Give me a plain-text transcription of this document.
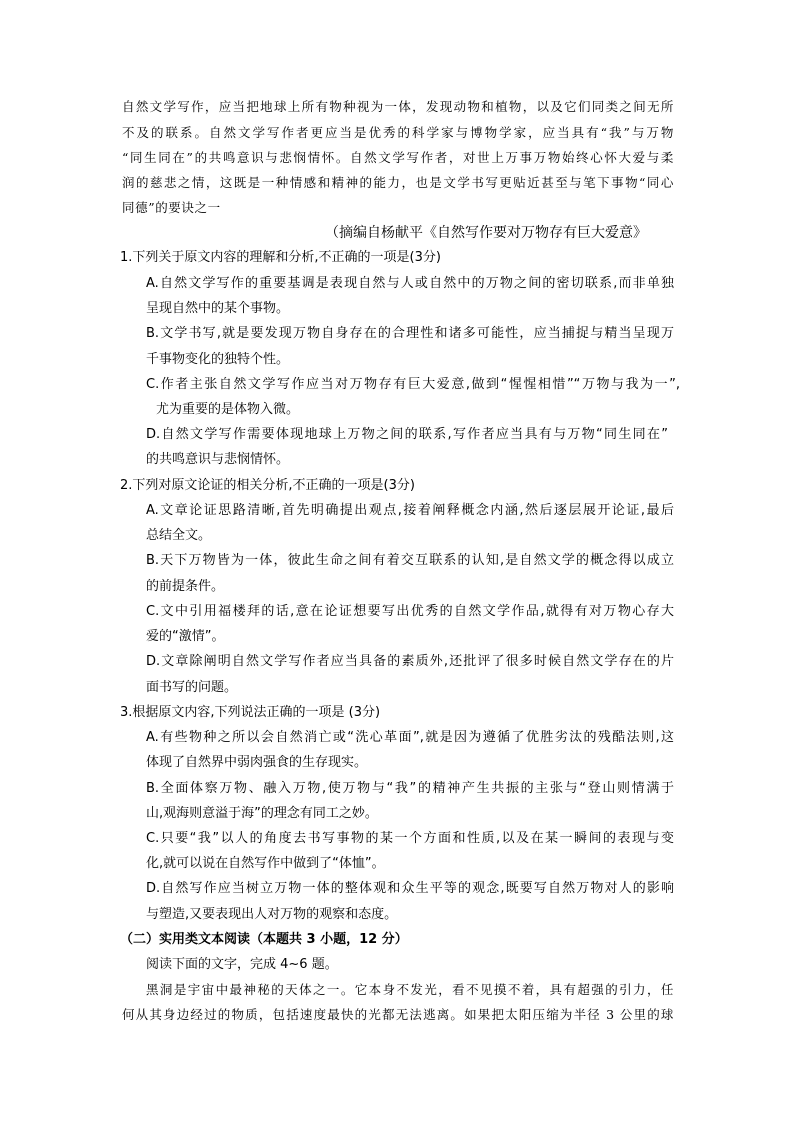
自然文学写作，应当把地球上所有物种视为一体，发现动物和植物，以及它们同类之间无所
不及的联系。自然文学写作者更应当是优秀的科学家与博物学家，应当具有“我”与万物
“同生同在”的共鸣意识与悲悯情怀。自然文学写作者，对世上万事万物始终心怀大爱与柔
润的慈悲之情，这既是一种情感和精神的能力，也是文学书写更贴近甚至与笔下事物“同心
同德”的要诀之一
（摘编自杨献平《自然写作要对万物存有巨大爱意》
1.下列关于原文内容的理解和分析,不正确的一项是(3分)
A.自然文学写作的重要基调是表现自然与人或自然中的万物之间的密切联系,而非单独
呈现自然中的某个事物。
B.文学书写,就是要发现万物自身存在的合理性和诸多可能性，应当捕捉与精当呈现万
千事物变化的独特个性。
C.作者主张自然文学写作应当对万物存有巨大爱意,做到“惺惺相惜”“万物与我为一”,
尤为重要的是体物入微。
D.自然文学写作需要体现地球上万物之间的联系,写作者应当具有与万物“同生同在”
的共鸣意识与悲悯情怀。
2.下列对原文论证的相关分析,不正确的一项是(3分)
A.文章论证思路清晰,首先明确提出观点,接着阐释概念内涵,然后逐层展开论证,最后
总结全文。
B.天下万物皆为一体，彼此生命之间有着交互联系的认知,是自然文学的概念得以成立
的前提条件。
C.文中引用福楼拜的话,意在论证想要写出优秀的自然文学作品,就得有对万物心存大
爱的“激情”。
D.文章除阐明自然文学写作者应当具备的素质外,还批评了很多时候自然文学存在的片
面书写的问题。
3.根据原文内容,下列说法正确的一项是 (3分)
A.有些物种之所以会自然消亡或“洗心革面”,就是因为遵循了优胜劣汰的残酷法则,这
体现了自然界中弱肉强食的生存现实。
B.全面体察万物、融入万物,使万物与“我”的精神产生共振的主张与“登山则情满于
山,观海则意溢于海”的理念有同工之妙。
C.只要“我”以人的角度去书写事物的某一个方面和性质,以及在某一瞬间的表现与变
化,就可以说在自然写作中做到了“体恤”。
D.自然写作应当树立万物一体的整体观和众生平等的观念,既要写自然万物对人的影响
与塑造,又要表现出人对万物的观察和态度。
（二）实用类文本阅读（本题共 3 小题，12 分）
阅读下面的文字，完成 4~6 题。
黑洞是宇宙中最神秘的天体之一。它本身不发光，看不见摸不着，具有超强的引力，任
何从其身边经过的物质，包括速度最快的光都无法逃离。如果把太阳压缩为半径 3 公里的球
